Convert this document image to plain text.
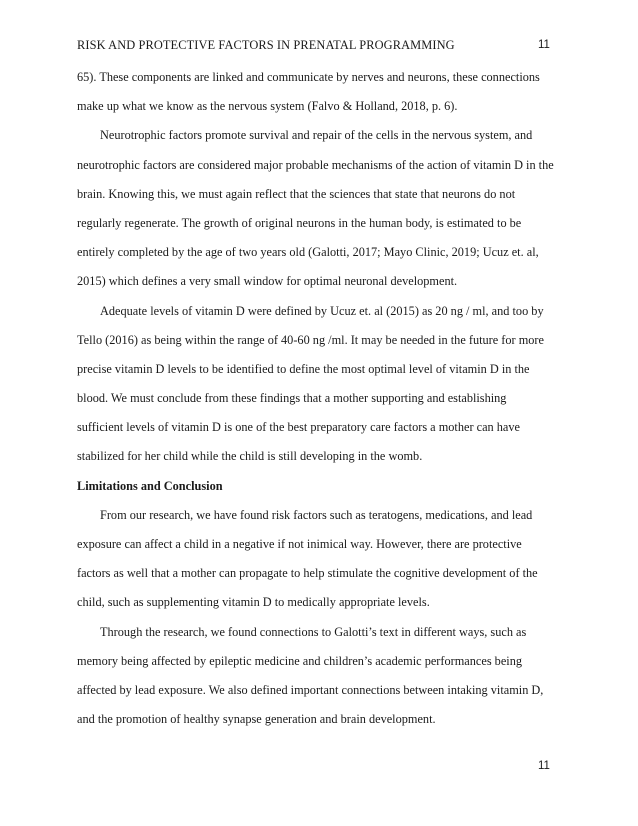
RISK AND PROTECTIVE FACTORS IN PRENATAL PROGRAMMING	11
65). These components are linked and communicate by nerves and neurons, these connections
make up what we know as the nervous system (Falvo & Holland, 2018, p. 6).
Neurotrophic factors promote survival and repair of the cells in the nervous system, and
neurotrophic factors are considered major probable mechanisms of the action of vitamin D in the
brain. Knowing this, we must again reflect that the sciences that state that neurons do not
regularly regenerate. The growth of original neurons in the human body, is estimated to be
entirely completed by the age of two years old (Galotti, 2017; Mayo Clinic, 2019; Ucuz et. al,
2015) which defines a very small window for optimal neuronal development.
Adequate levels of vitamin D were defined by Ucuz et. al (2015) as 20 ng / ml, and too by
Tello (2016) as being within the range of 40-60 ng /ml. It may be needed in the future for more
precise vitamin D levels to be identified to define the most optimal level of vitamin D in the
blood. We must conclude from these findings that a mother supporting and establishing
sufficient levels of vitamin D is one of the best preparatory care factors a mother can have
stabilized for her child while the child is still developing in the womb.
Limitations and Conclusion
From our research, we have found risk factors such as teratogens, medications, and lead
exposure can affect a child in a negative if not inimical way. However, there are protective
factors as well that a mother can propagate to help stimulate the cognitive development of the
child, such as supplementing vitamin D to medically appropriate levels.
Through the research, we found connections to Galotti’s text in different ways, such as
memory being affected by epileptic medicine and children’s academic performances being
affected by lead exposure. We also defined important connections between intaking vitamin D,
and the promotion of healthy synapse generation and brain development.
11
